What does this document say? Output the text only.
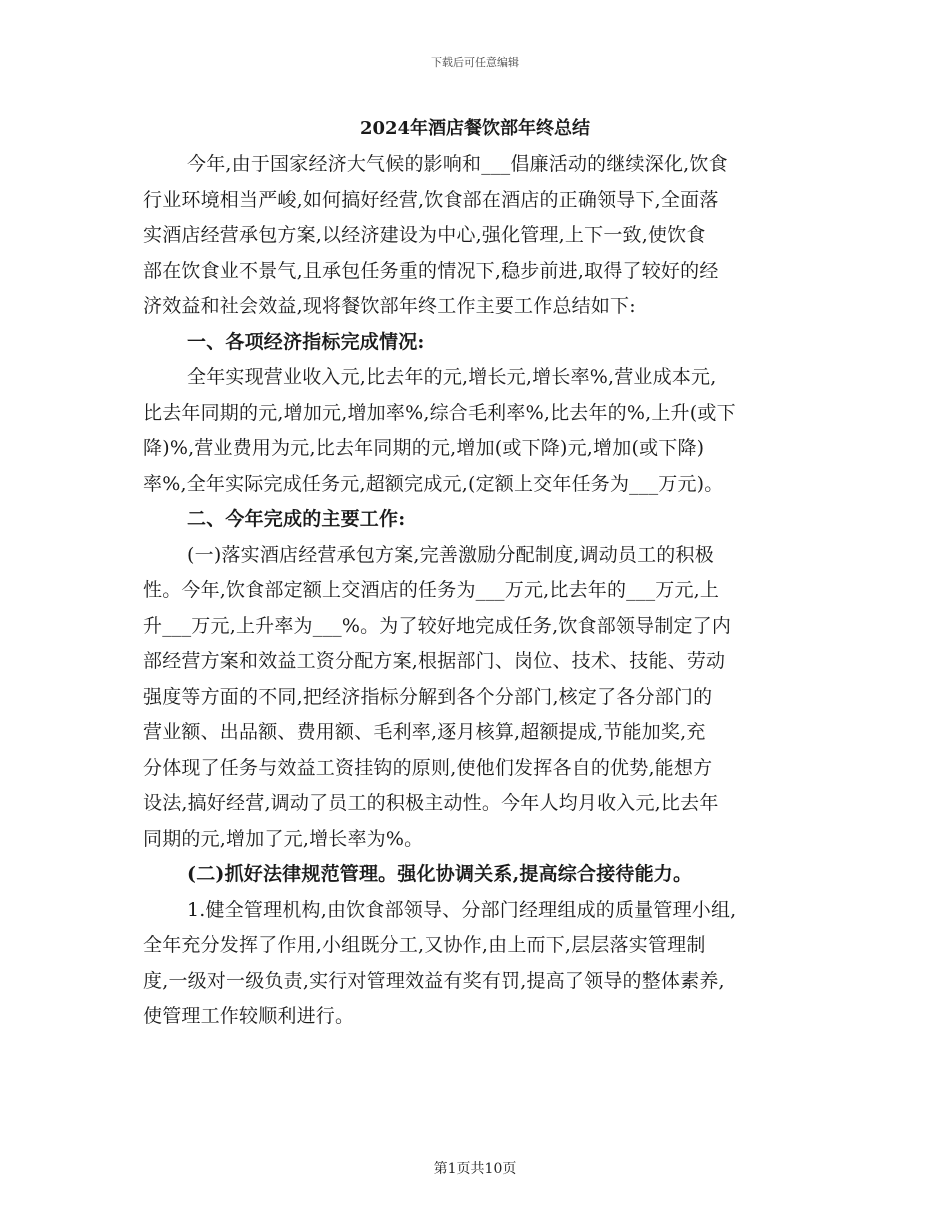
下载后可任意编辑
2024年酒店餐饮部年终总结
今年,由于国家经济大气候的影响和___倡廉活动的继续深化,饮食
行业环境相当严峻,如何搞好经营,饮食部在酒店的正确领导下,全面落
实酒店经营承包方案,以经济建设为中心,强化管理,上下一致,使饮食
部在饮食业不景气,且承包任务重的情况下,稳步前进,取得了较好的经
济效益和社会效益,现将餐饮部年终工作主要工作总结如下:
一、各项经济指标完成情况:
全年实现营业收入元,比去年的元,增长元,增长率%,营业成本元,
比去年同期的元,增加元,增加率%,综合毛利率%,比去年的%,上升(或下
降)%,营业费用为元,比去年同期的元,增加(或下降)元,增加(或下降)
率%,全年实际完成任务元,超额完成元,(定额上交年任务为___万元)。
二、今年完成的主要工作:
(一)落实酒店经营承包方案,完善激励分配制度,调动员工的积极
性。今年,饮食部定额上交酒店的任务为___万元,比去年的___万元,上
升___万元,上升率为___%。为了较好地完成任务,饮食部领导制定了内
部经营方案和效益工资分配方案,根据部门、岗位、技术、技能、劳动
强度等方面的不同,把经济指标分解到各个分部门,核定了各分部门的
营业额、出品额、费用额、毛利率,逐月核算,超额提成,节能加奖,充
分体现了任务与效益工资挂钩的原则,使他们发挥各自的优势,能想方
设法,搞好经营,调动了员工的积极主动性。今年人均月收入元,比去年
同期的元,增加了元,增长率为%。
(二)抓好法律规范管理。强化协调关系,提高综合接待能力。
1.健全管理机构,由饮食部领导、分部门经理组成的质量管理小组,
全年充分发挥了作用,小组既分工,又协作,由上而下,层层落实管理制
度,一级对一级负责,实行对管理效益有奖有罚,提高了领导的整体素养,
使管理工作较顺利进行。
第1页共10页
